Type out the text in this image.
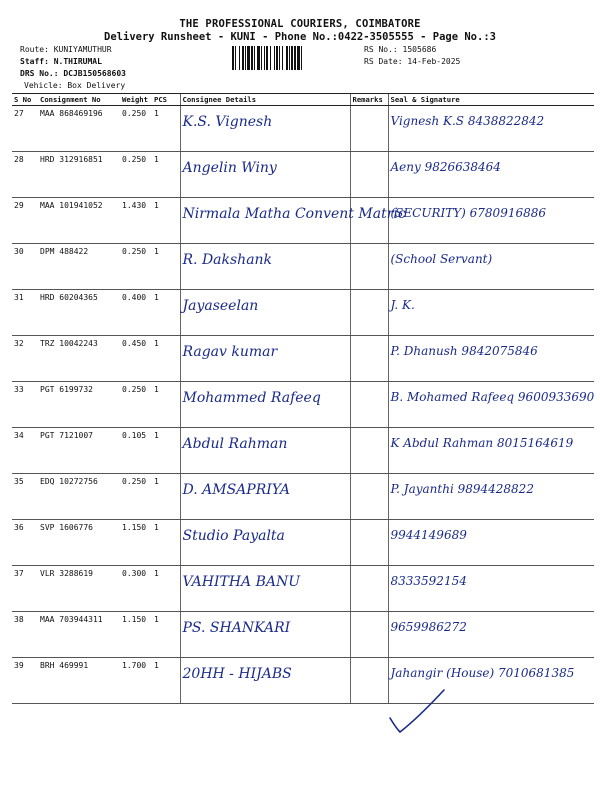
THE PROFESSIONAL COURIERS, COIMBATORE
Delivery Runsheet - KUNI - Phone No.:0422-3505555 - Page No.:3
Route: KUNIYAMUTHUR
Staff: N.THIRUMAL
DRS No.: DCJB150568603
Vehicle: Box Delivery
RS No.: 1505686
RS Date: 14-Feb-2025
S No	Consignment No	Weight	PCS	Consignee Details	Remarks	Seal & Signature
27	MAA 868469196	0.250	1	K.S. Vignesh		Vignesh K.S 8438822842
28	HRD 312916851	0.250	1	Angelin Winy		Aeny 9826638464
29	MAA 101941052	1.430	1	Nirmala Matha Convent Matric		(SECURITY) 6780916886
30	DPM 488422	0.250	1	R. Dakshank		(School Servant)
31	HRD 60204365	0.400	1	Jayaseelan		J. K.
32	TRZ 10042243	0.450	1	Ragav kumar		P. Dhanush 9842075846
33	PGT 6199732	0.250	1	Mohammed Rafeeq		B. Mohamed Rafeeq 9600933690
34	PGT 7121007	0.105	1	Abdul Rahman		K Abdul Rahman 8015164619
35	EDQ 10272756	0.250	1	D. AMSAPRIYA		P. Jayanthi 9894428822
36	SVP 1606776	1.150	1	Studio Payalta		9944149689
37	VLR 3288619	0.300	1	VAHITHA BANU		8333592154
38	MAA 703944311	1.150	1	PS. SHANKARI		9659986272
39	BRH 469991	1.700	1	20HH - HIJABS		Jahangir (House) 7010681385
